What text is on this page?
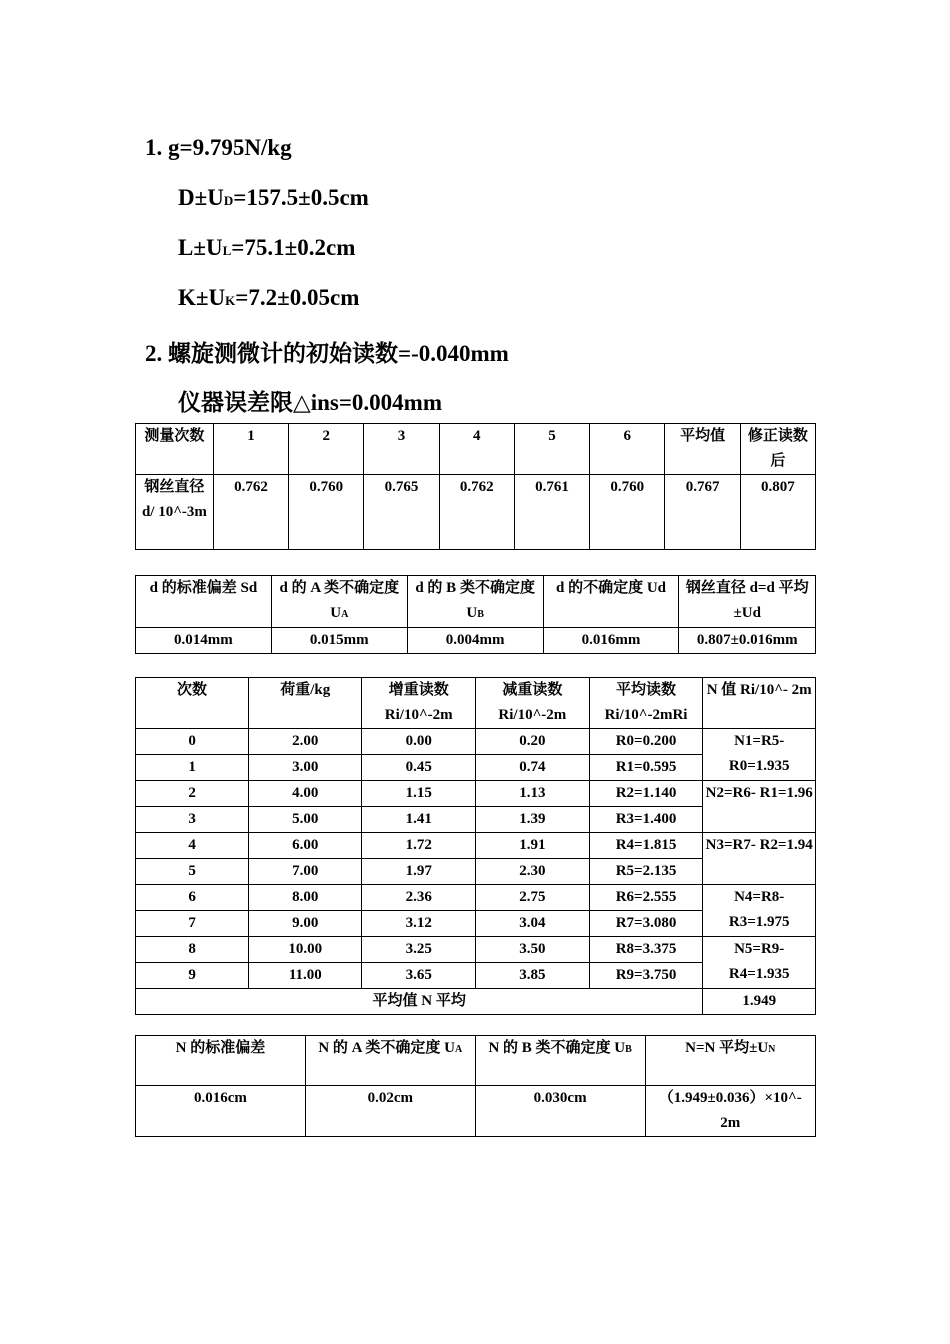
1. g=9.795N/kg
D±UD=157.5±0.5cm
L±UL=75.1±0.2cm
K±UK=7.2±0.05cm
2. 螺旋测微计的初始读数=-0.040mm
仪器误差限△ins=0.004mm
测量次数	1	2	3	4	5	6	平均值	修正读数后
钢丝直径 d/ 10^-3m	0.762	0.760	0.765	0.762	0.761	0.760	0.767	0.807
d 的标准偏差 Sd	d 的 A 类不确定度 UA	d 的 B 类不确定度 UB	d 的不确定度 Ud	钢丝直径 d=d 平均±Ud
0.014mm	0.015mm	0.004mm	0.016mm	0.807±0.016mm
次数	荷重/kg	增重读数 Ri/10^-2m	减重读数 Ri/10^-2m	平均读数 Ri/10^-2mRi	N 值 Ri/10^- 2m
0	2.00	0.00	0.20	R0=0.200	N1=R5- R0=1.935
1	3.00	0.45	0.74	R1=0.595	
2	4.00	1.15	1.13	R2=1.140	N2=R6- R1=1.96
3	5.00	1.41	1.39	R3=1.400	
4	6.00	1.72	1.91	R4=1.815	N3=R7- R2=1.94
5	7.00	1.97	2.30	R5=2.135	
6	8.00	2.36	2.75	R6=2.555	N4=R8- R3=1.975
7	9.00	3.12	3.04	R7=3.080	
8	10.00	3.25	3.50	R8=3.375	N5=R9- R4=1.935
9	11.00	3.65	3.85	R9=3.750	
平均值 N 平均					1.949
N 的标准偏差	N 的 A 类不确定度 UA	N 的 B 类不确定度 UB	N=N 平均±UN
0.016cm	0.02cm	0.030cm	（1.949±0.036）×10^- 2m
